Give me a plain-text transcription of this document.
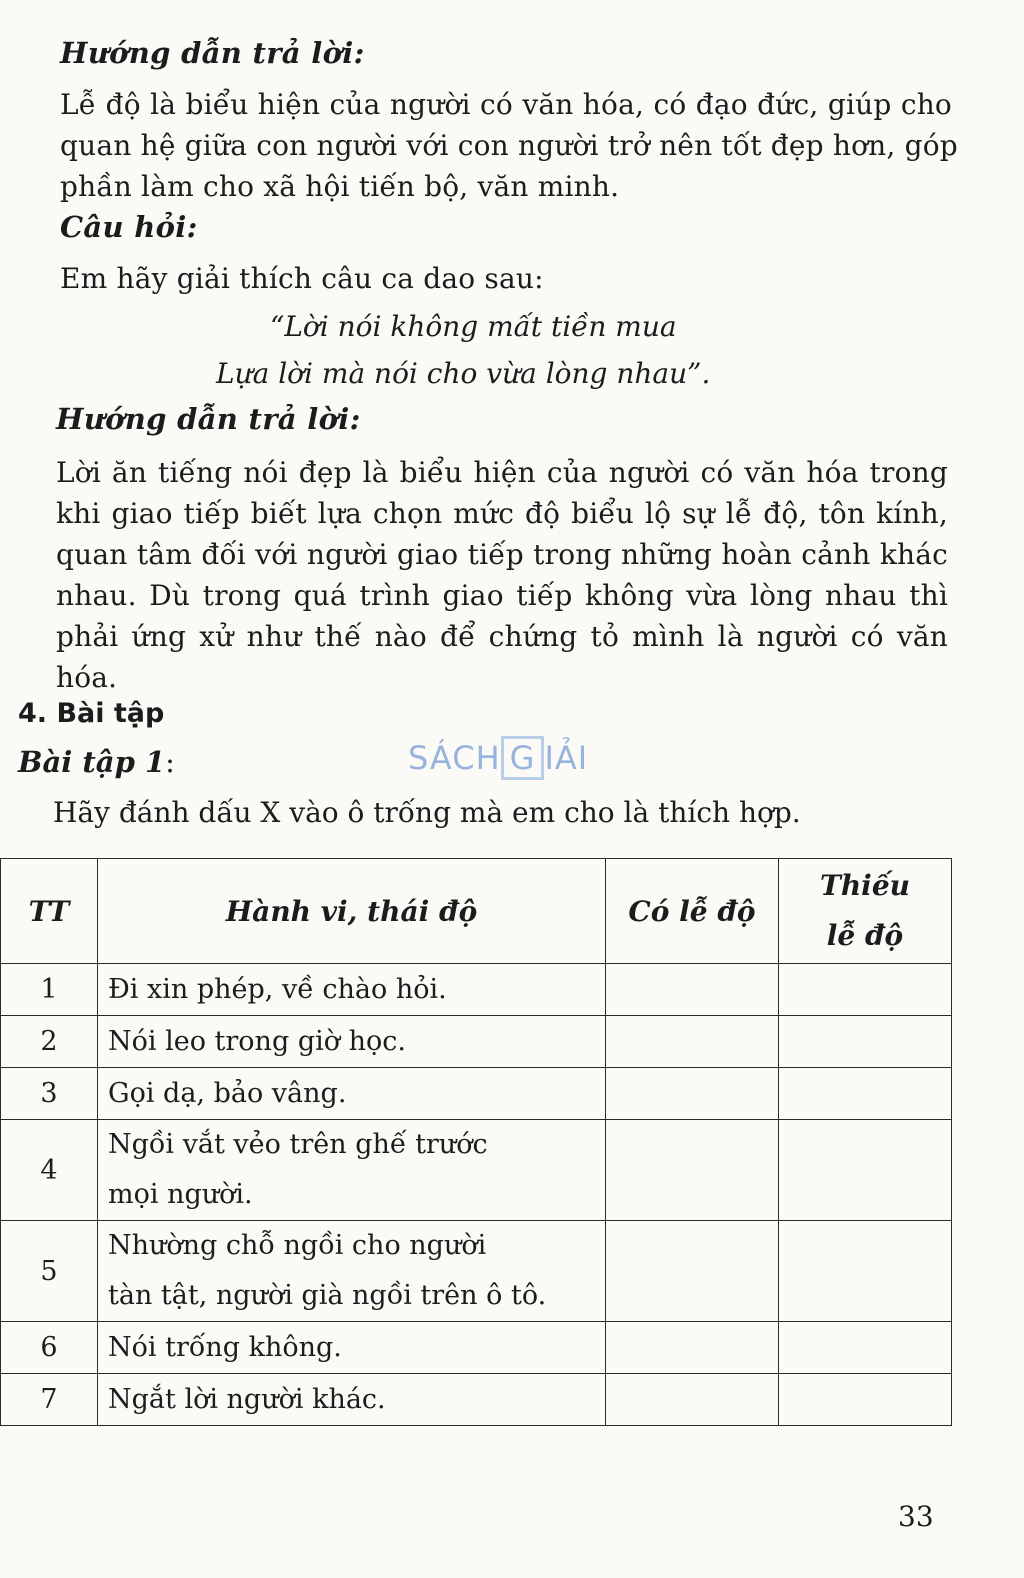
Hướng dẫn trả lời:
Lễ độ là biểu hiện của người có văn hóa, có đạo đức, giúp cho
quan hệ giữa con người với con người trở nên tốt đẹp hơn, góp
phần làm cho xã hội tiến bộ, văn minh.
Câu hỏi:
Em hãy giải thích câu ca dao sau:
“Lời nói không mất tiền mua
Lựa lời mà nói cho vừa lòng nhau”.
Hướng dẫn trả lời:
Lời ăn tiếng nói đẹp là biểu hiện của người có văn hóa trong
khi giao tiếp biết lựa chọn mức độ biểu lộ sự lễ độ, tôn kính,
quan tâm đối với người giao tiếp trong những hoàn cảnh khác
nhau. Dù trong quá trình giao tiếp không vừa lòng nhau thì
phải ứng xử như thế nào để chứng tỏ mình là người có văn
hóa.
4. Bài tập
Bài tập 1:	SÁCH G IẢI
Hãy đánh dấu X vào ô trống mà em cho là thích hợp.
TT	Hành vi, thái độ	Có lễ độ	Thiếu
lễ độ

1	Đi xin phép, về chào hỏi.		

2	Nói leo trong giờ học.		

3	Gọi dạ, bảo vâng.		

4	Ngồi vắt vẻo trên ghế trước
mọi người.		

5	Nhường chỗ ngồi cho người
tàn tật, người già ngồi trên ô tô.		

6	Nói trống không.		

7	Ngắt lời người khác.		

33
